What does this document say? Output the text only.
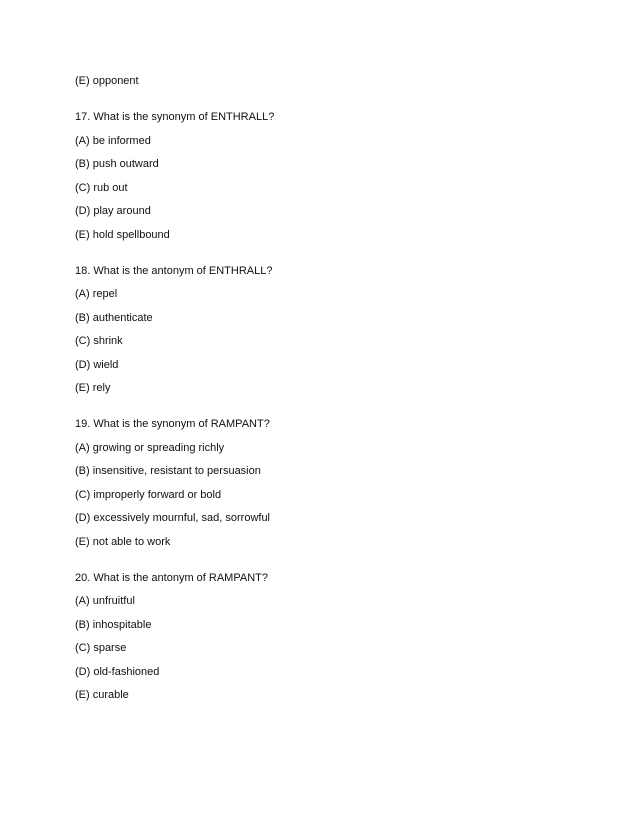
(E) opponent
17. What is the synonym of ENTHRALL?
(A) be informed
(B) push outward
(C) rub out
(D) play around
(E) hold spellbound
18. What is the antonym of ENTHRALL?
(A) repel
(B) authenticate
(C) shrink
(D) wield
(E) rely
19. What is the synonym of RAMPANT?
(A) growing or spreading richly
(B) insensitive, resistant to persuasion
(C) improperly forward or bold
(D) excessively mournful, sad, sorrowful
(E) not able to work
20. What is the antonym of RAMPANT?
(A) unfruitful
(B) inhospitable
(C) sparse
(D) old-fashioned
(E) curable
